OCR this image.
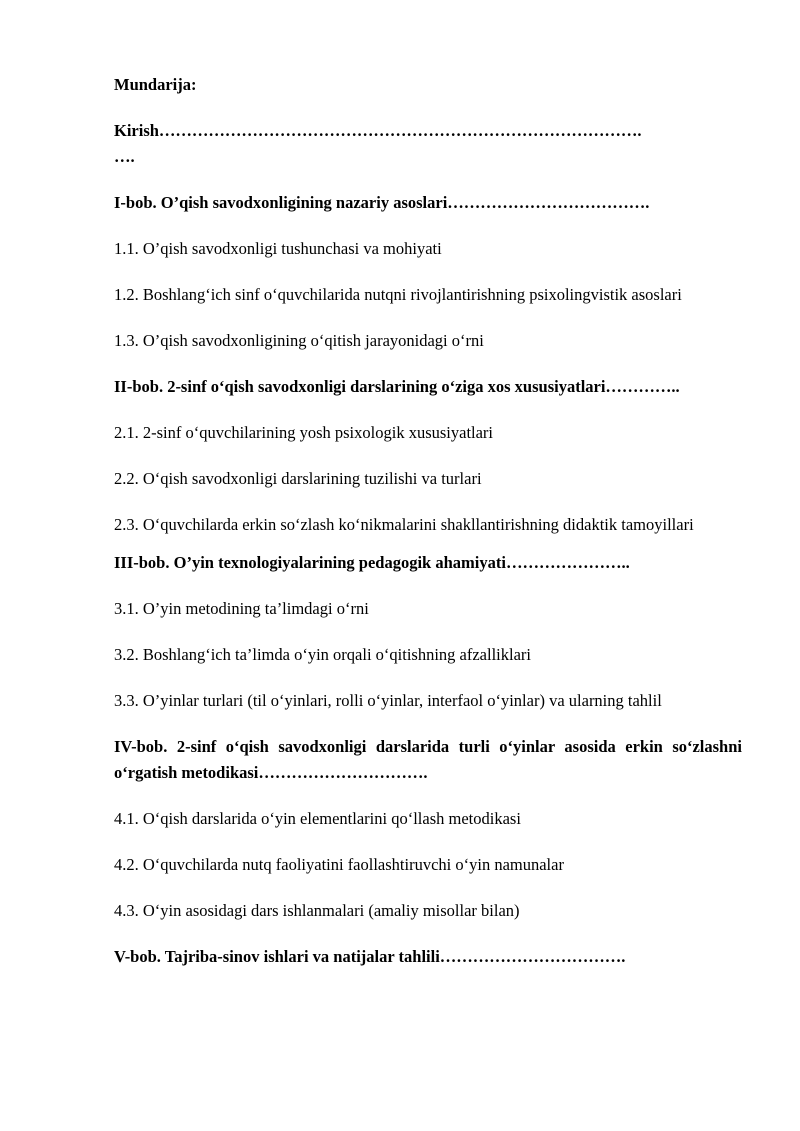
Mundarija:
Kirish…………………………………………………………………………….
….
I-bob. O’qish savodxonligining nazariy asoslari……………………………….
1.1. O’qish savodxonligi tushunchasi va mohiyati
1.2. Boshlang‘ich sinf o‘quvchilarida nutqni rivojlantirishning psixolingvistik asoslari
1.3. O’qish savodxonligining o‘qitish jarayonidagi o‘rni
II-bob. 2-sinf o‘qish savodxonligi darslarining o‘ziga xos xususiyatlari…………..
2.1. 2-sinf o‘quvchilarining yosh psixologik xususiyatlari
2.2. O‘qish savodxonligi darslarining tuzilishi va turlari
2.3. O‘quvchilarda erkin so‘zlash ko‘nikmalarini shakllantirishning didaktik tamoyillari
III-bob. O’yin texnologiyalarining pedagogik ahamiyati…………………..
3.1. O’yin metodining ta’limdagi o‘rni
3.2. Boshlang‘ich ta’limda o‘yin orqali o‘qitishning afzalliklari
3.3. O’yinlar turlari (til o‘yinlari, rolli o‘yinlar, interfaol o‘yinlar) va ularning tahlil
IV-bob. 2-sinf o‘qish savodxonligi darslarida turli o‘yinlar asosida erkin so‘zlashni o‘rgatish metodikasi………………………….
4.1. O‘qish darslarida o‘yin elementlarini qo‘llash metodikasi
4.2. O‘quvchilarda nutq faoliyatini faollashtiruvchi o‘yin namunalar
4.3. O‘yin asosidagi dars ishlanmalari (amaliy misollar bilan)
V-bob. Tajriba-sinov ishlari va natijalar tahlili…………………………….
